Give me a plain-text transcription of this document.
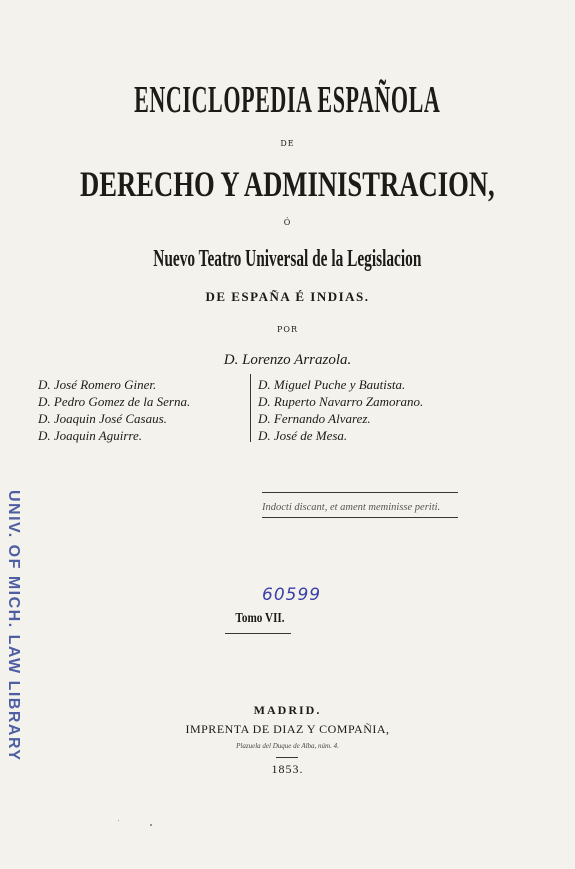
UNIV. OF MICH. LAW LIBRARY
ENCICLOPEDIA ESPAÑOLA
DE
DERECHO Y ADMINISTRACION,
Ó
Nuevo Teatro Universal de la Legislacion
DE ESPAÑA É INDIAS.
POR
D. Lorenzo Arrazola.
D. José Romero Giner.
D. Pedro Gomez de la Serna.
D. Joaquin José Casaus.
D. Joaquin Aguirre.
D. Miguel Puche y Bautista.
D. Ruperto Navarro Zamorano.
D. Fernando Alvarez.
D. José de Mesa.
Indocti discant, et ament meminisse periti.
60599
Tomo VII.
MADRID.
IMPRENTA DE DIAZ Y COMPAÑIA,
Plazuela del Duque de Alba, núm. 4.
1853.
